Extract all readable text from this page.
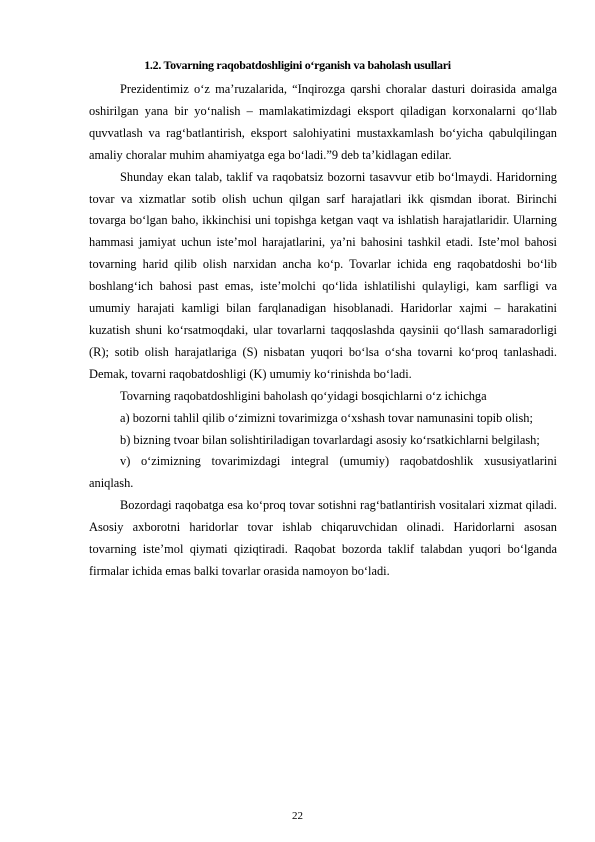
1.2. Tovarning raqobatdoshligini oʻrganish va baholash usullari

Prezidentimiz oʻz maʼruzalarida, “Inqirozga qarshi choralar dasturi doirasida amalga oshirilgan yana bir yoʻnalish – mamlakatimizdagi eksport qiladigan korxonalarni qoʻllab quvvatlash va ragʻbatlantirish, eksport salohiyatini mustaxkamlash boʻyicha qabulqilingan amaliy choralar muhim ahamiyatga ega boʻladi.”9 deb taʼkidlagan edilar.

Shunday ekan talab, taklif va raqobatsiz bozorni tasavvur etib boʻlmaydi. Haridorning tovar va xizmatlar sotib olish uchun qilgan sarf harajatlari ikk qismdan iborat. Birinchi tovarga boʻlgan baho, ikkinchisi uni topishga ketgan vaqt va ishlatish harajatlaridir. Ularning hammasi jamiyat uchun isteʼmol harajatlarini, yaʼni bahosini tashkil etadi. Isteʼmol bahosi tovarning harid qilib olish narxidan ancha koʻp. Tovarlar ichida eng raqobatdoshi boʻlib boshlangʻich bahosi past emas, isteʼmolchi qoʻlida ishlatilishi qulayligi, kam sarfligi va umumiy harajati kamligi bilan farqlanadigan hisoblanadi. Haridorlar xajmi – harakatini kuzatish shuni koʻrsatmoqdaki, ular tovarlarni taqqoslashda qaysinii qoʻllash samaradorligi (R); sotib olish harajatlariga (S) nisbatan yuqori boʻlsa oʻsha tovarni koʻproq tanlashadi. Demak, tovarni raqobatdoshligi (K) umumiy koʻrinishda boʻladi.

Tovarning raqobatdoshligini baholash qoʻyidagi bosqichlarni oʻz ichichga

a) bozorni tahlil qilib oʻzimizni tovarimizga oʻxshash tovar namunasini topib olish;

b) bizning tvoar bilan solishtiriladigan tovarlardagi asosiy koʻrsatkichlarni belgilash;

v) oʻzimizning tovarimizdagi integral (umumiy) raqobatdoshlik xususiyatlarini aniqlash.

Bozordagi raqobatga esa koʻproq tovar sotishni ragʻbatlantirish vositalari xizmat qiladi. Asosiy axborotni haridorlar tovar ishlab chiqaruvchidan olinadi. Haridorlarni asosan tovarning isteʼmol qiymati qiziqtiradi. Raqobat bozorda taklif talabdan yuqori boʻlganda firmalar ichida emas balki tovarlar orasida namoyon boʻladi.

22
